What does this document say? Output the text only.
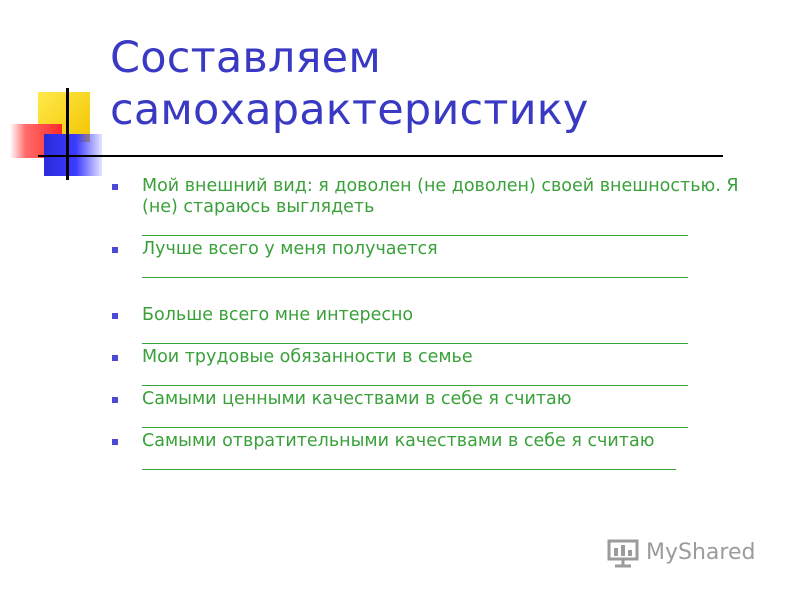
Составляем
самохарактеристику
Мой внешний вид: я доволен (не доволен) своей внешностью. Я
(не) стараюсь выглядеть
Лучше всего у меня получается
Больше всего мне интересно
Мои трудовые обязанности в семье
Самыми ценными качествами в себе я считаю
Самыми отвратительными качествами в себе я считаю
MyShared
